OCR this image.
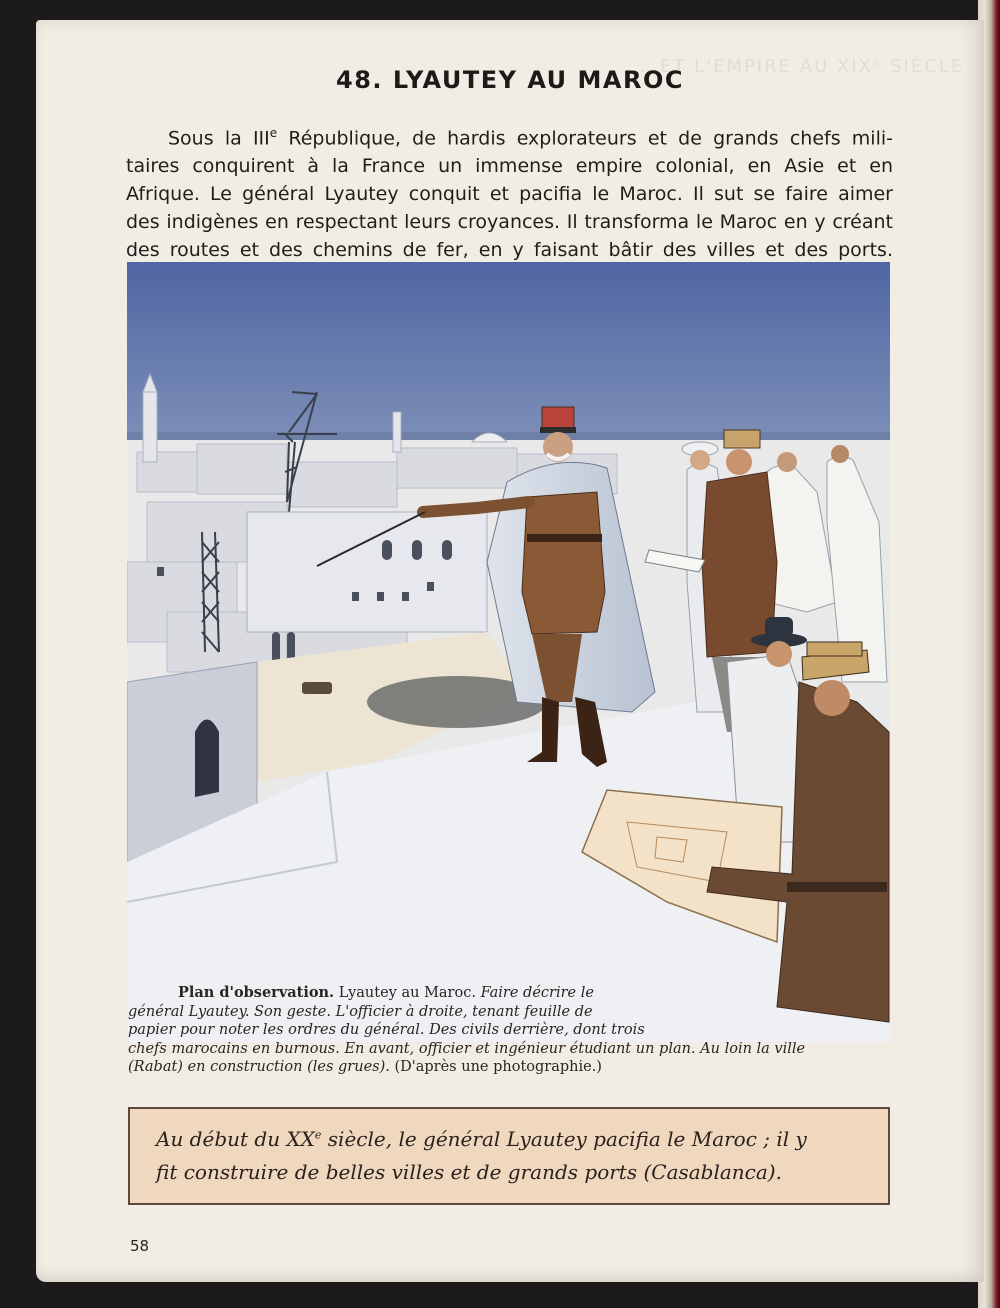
…ET L'EMPIRE AU XIXᵉ SIÈCLE
48. LYAUTEY AU MAROC
Sous la IIIe République, de hardis explorateurs et de grands chefs mili-
taires conquirent à la France un immense empire colonial, en Asie et en
Afrique. Le général Lyautey conquit et pacifia le Maroc. Il sut se faire aimer
des indigènes en respectant leurs croyances. Il transforma le Maroc en y créant
des routes et des chemins de fer, en y faisant bâtir des villes et des ports.
Plan d'observation. Lyautey au Maroc. Faire décrire le
général Lyautey. Son geste. L'officier à droite, tenant feuille de
papier pour noter les ordres du général. Des civils derrière, dont trois
chefs marocains en burnous. En avant, officier et ingénieur étudiant un plan. Au loin la ville
(Rabat) en construction (les grues). (D'après une photographie.)
Au début du XXe siècle, le général Lyautey pacifia le Maroc ; il y
fit construire de belles villes et de grands ports (Casablanca).
58
